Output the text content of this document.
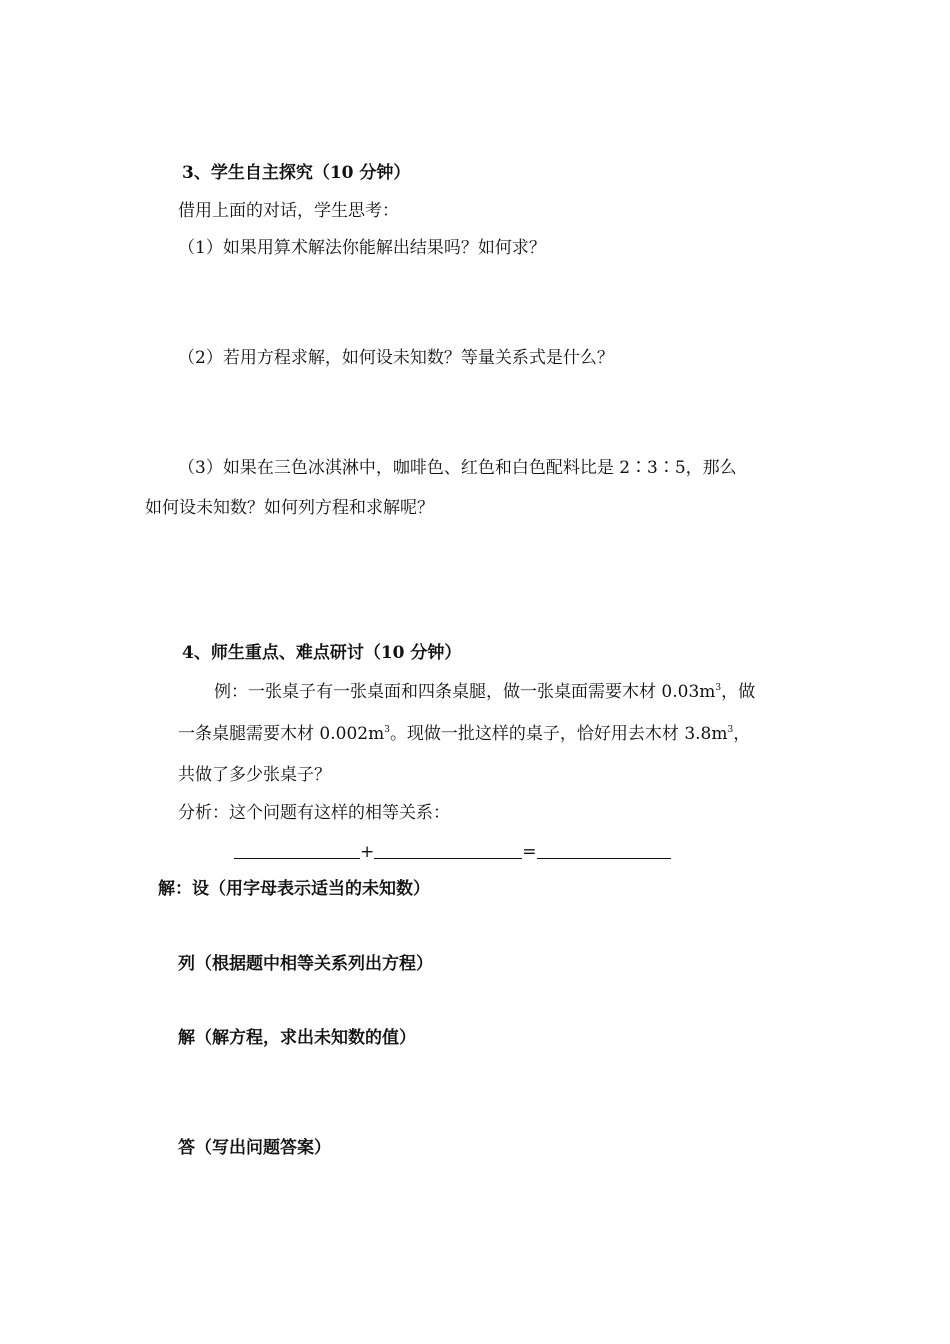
3、学生自主探究（10 分钟）
借用上面的对话，学生思考：
（1）如果用算术解法你能解出结果吗？如何求？
（2）若用方程求解，如何设未知数？等量关系式是什么？
（3）如果在三色冰淇淋中，咖啡色、红色和白色配料比是 2∶3∶5，那么
如何设未知数？如何列方程和求解呢？
4、师生重点、难点研讨（10 分钟）
例：一张桌子有一张桌面和四条桌腿，做一张桌面需要木材 $0.03m^3$，做
一条桌腿需要木材 $0.002m^3$。现做一批这样的桌子，恰好用去木材 $3.8m^3$，
共做了多少张桌子？
分析：这个问题有这样的相等关系：
+	=
解：设（用字母表示适当的未知数）
列（根据题中相等关系列出方程）
解（解方程，求出未知数的值）
答（写出问题答案）
